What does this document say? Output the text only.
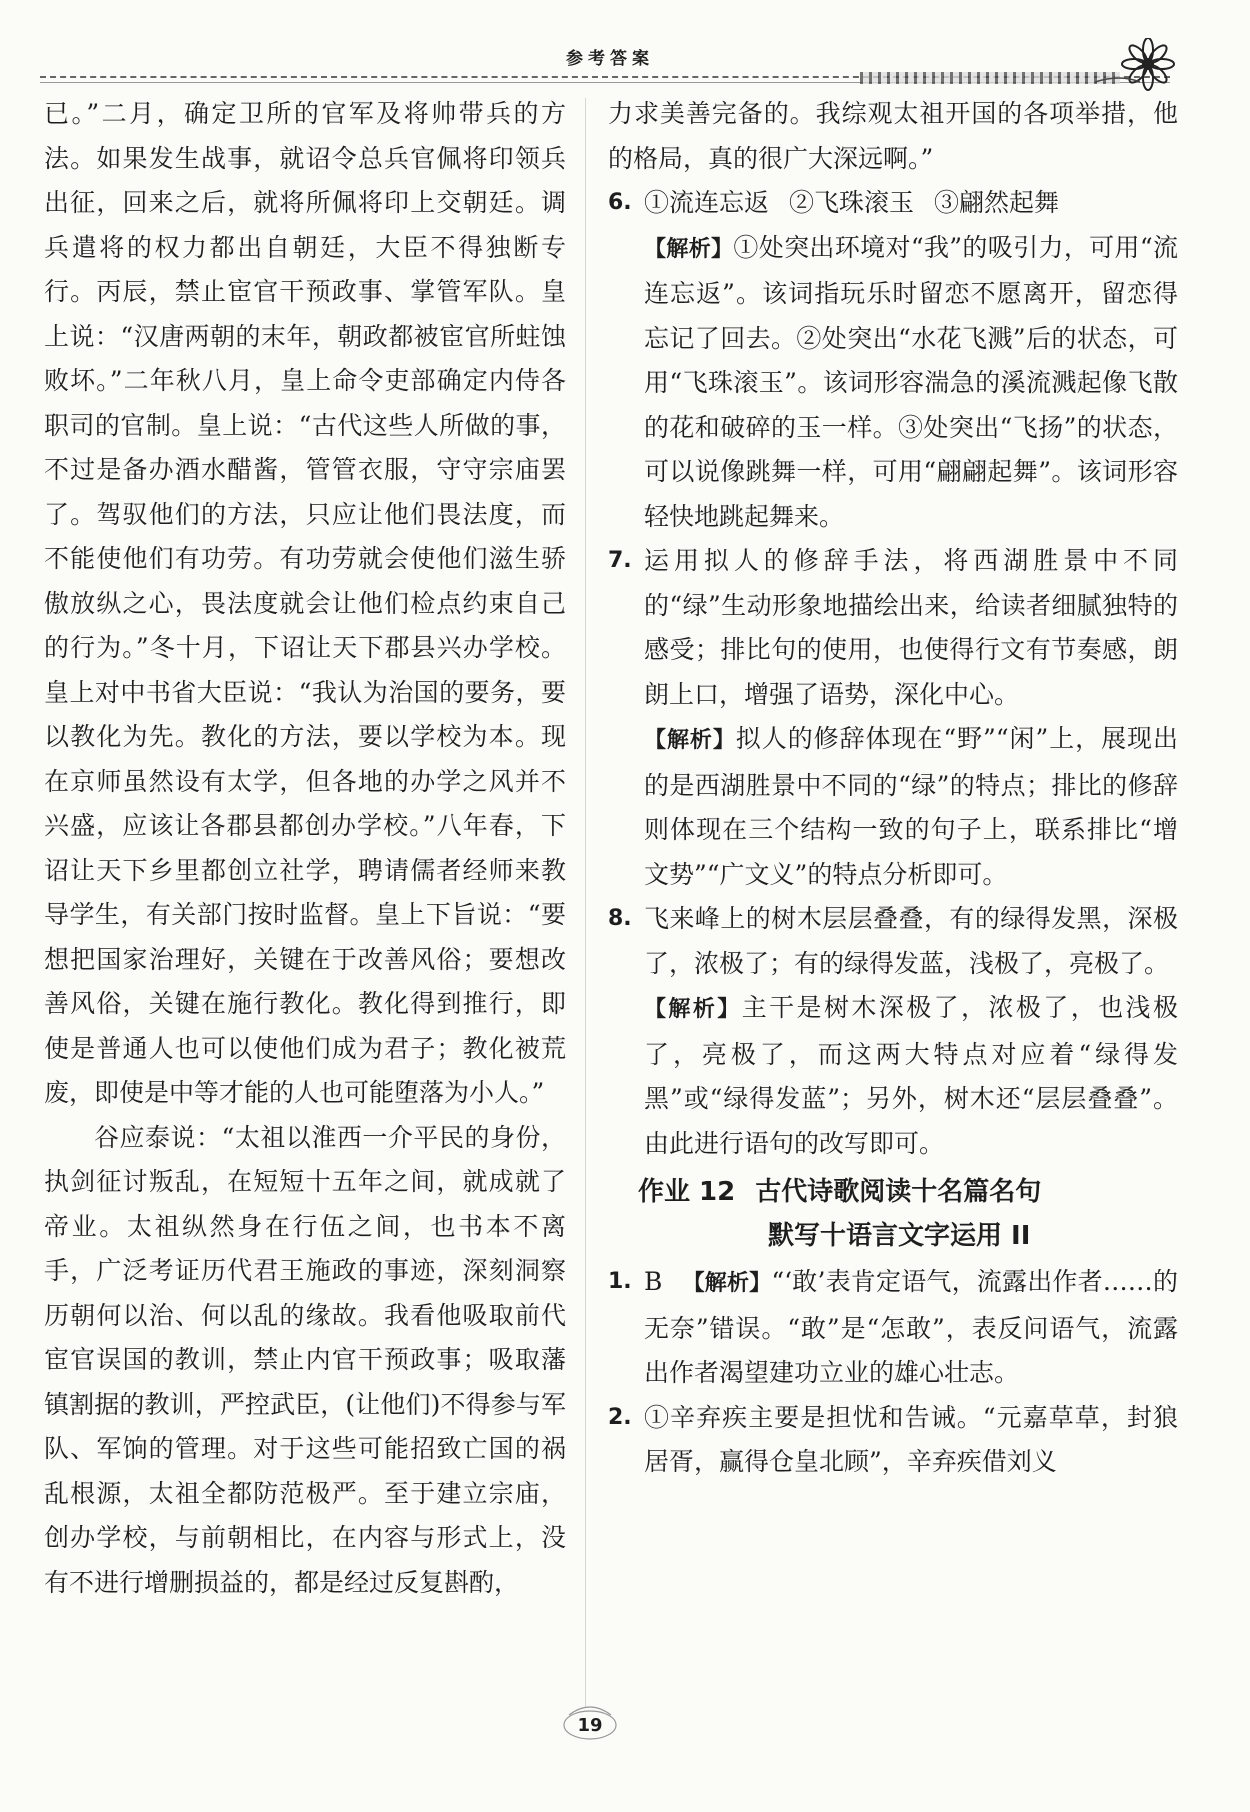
参考答案

已。”二月，确定卫所的官军及将帅带兵的方法。如果发生战事，就诏令总兵官佩将印领兵出征，回来之后，就将所佩将印上交朝廷。调兵遣将的权力都出自朝廷，大臣不得独断专行。丙辰，禁止宦官干预政事、掌管军队。皇上说：“汉唐两朝的末年，朝政都被宦官所蛀蚀败坏。”二年秋八月，皇上命令吏部确定内侍各职司的官制。皇上说：“古代这些人所做的事，不过是备办酒水醋酱，管管衣服，守守宗庙罢了。驾驭他们的方法，只应让他们畏法度，而不能使他们有功劳。有功劳就会使他们滋生骄傲放纵之心，畏法度就会让他们检点约束自己的行为。”冬十月，下诏让天下郡县兴办学校。皇上对中书省大臣说：“我认为治国的要务，要以教化为先。教化的方法，要以学校为本。现在京师虽然设有太学，但各地的办学之风并不兴盛，应该让各郡县都创办学校。”八年春，下诏让天下乡里都创立社学，聘请儒者经师来教导学生，有关部门按时监督。皇上下旨说：“要想把国家治理好，关键在于改善风俗；要想改善风俗，关键在施行教化。教化得到推行，即使是普通人也可以使他们成为君子；教化被荒废，即使是中等才能的人也可能堕落为小人。”

谷应泰说：“太祖以淮西一介平民的身份，执剑征讨叛乱，在短短十五年之间，就成就了帝业。太祖纵然身在行伍之间，也书本不离手，广泛考证历代君王施政的事迹，深刻洞察历朝何以治、何以乱的缘故。我看他吸取前代宦官误国的教训，禁止内官干预政事；吸取藩镇割据的教训，严控武臣，(让他们)不得参与军队、军饷的管理。对于这些可能招致亡国的祸乱根源，太祖全都防范极严。至于建立宗庙，创办学校，与前朝相比，在内容与形式上，没有不进行增删损益的，都是经过反复斟酌，

力求美善完备的。我综观太祖开国的各项举措，他的格局，真的很广大深远啊。”

6. ①流连忘返 ②飞珠滚玉 ③翩然起舞

【解析】①处突出环境对“我”的吸引力，可用“流连忘返”。该词指玩乐时留恋不愿离开，留恋得忘记了回去。②处突出“水花飞溅”后的状态，可用“飞珠滚玉”。该词形容湍急的溪流溅起像飞散的花和破碎的玉一样。③处突出“飞扬”的状态，可以说像跳舞一样，可用“翩翩起舞”。该词形容轻快地跳起舞来。

7. 运用拟人的修辞手法，将西湖胜景中不同的“绿”生动形象地描绘出来，给读者细腻独特的感受；排比句的使用，也使得行文有节奏感，朗朗上口，增强了语势，深化中心。

【解析】拟人的修辞体现在“野”“闲”上，展现出的是西湖胜景中不同的“绿”的特点；排比的修辞则体现在三个结构一致的句子上，联系排比“增文势”“广文义”的特点分析即可。

8. 飞来峰上的树木层层叠叠，有的绿得发黑，深极了，浓极了；有的绿得发蓝，浅极了，亮极了。

【解析】主干是树木深极了，浓极了，也浅极了，亮极了，而这两大特点对应着“绿得发黑”或“绿得发蓝”；另外，树木还“层层叠叠”。由此进行语句的改写即可。

作业 12 古代诗歌阅读十名篇名句
默写十语言文字运用 II
1. B 【解析】“‘敢’表肯定语气，流露出作者……的无奈”错误。“敢”是“怎敢”，表反问语气，流露出作者渴望建功立业的雄心壮志。
2. ①辛弃疾主要是担忧和告诫。“元嘉草草，封狼居胥，赢得仓皇北顾”，辛弃疾借刘义
19
